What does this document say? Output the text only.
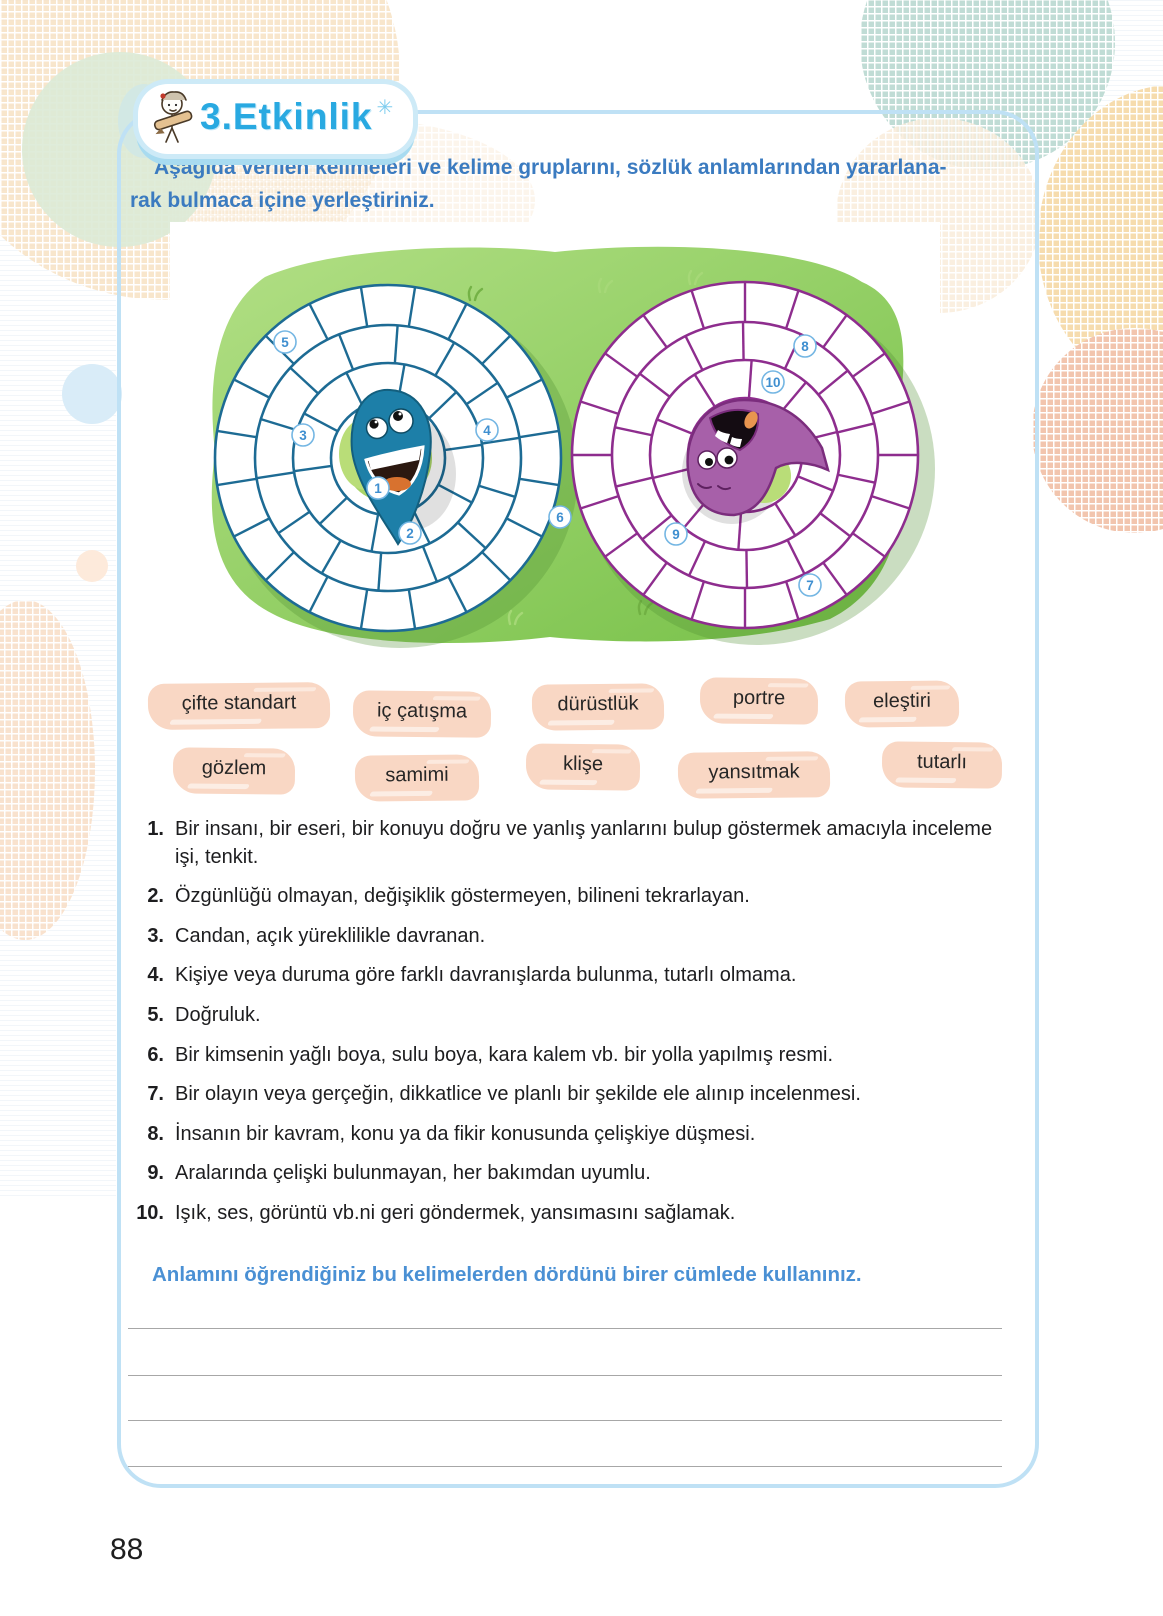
3.Etkinlik ✳
Aşağıda verilen kelimeleri ve kelime gruplarını, sözlük anlamlarından yararlana-
rak bulmaca içine yerleştiriniz.
1
2
3	4
5
6
7
8
9
10
çifte standart	iç çatışma	dürüstlük	portre	eleştiri
gözlem	samimi	klişe	yansıtmak	tutarlı
1. Bir insanı, bir eseri, bir konuyu doğru ve yanlış yanlarını bulup göstermek amacıyla inceleme işi, tenkit.
2. Özgünlüğü olmayan, değişiklik göstermeyen, bilineni tekrarlayan.
3. Candan, açık yüreklilikle davranan.
4. Kişiye veya duruma göre farklı davranışlarda bulunma, tutarlı olmama.
5. Doğruluk.
6. Bir kimsenin yağlı boya, sulu boya, kara kalem vb. bir yolla yapılmış resmi.
7. Bir olayın veya gerçeğin, dikkatlice ve planlı bir şekilde ele alınıp incelenmesi.
8. İnsanın bir kavram, konu ya da fikir konusunda çelişkiye düşmesi.
9. Aralarında çelişki bulunmayan, her bakımdan uyumlu.
10. Işık, ses, görüntü vb.ni geri göndermek, yansımasını sağlamak.
Anlamını öğrendiğiniz bu kelimelerden dördünü birer cümlede kullanınız.
88
